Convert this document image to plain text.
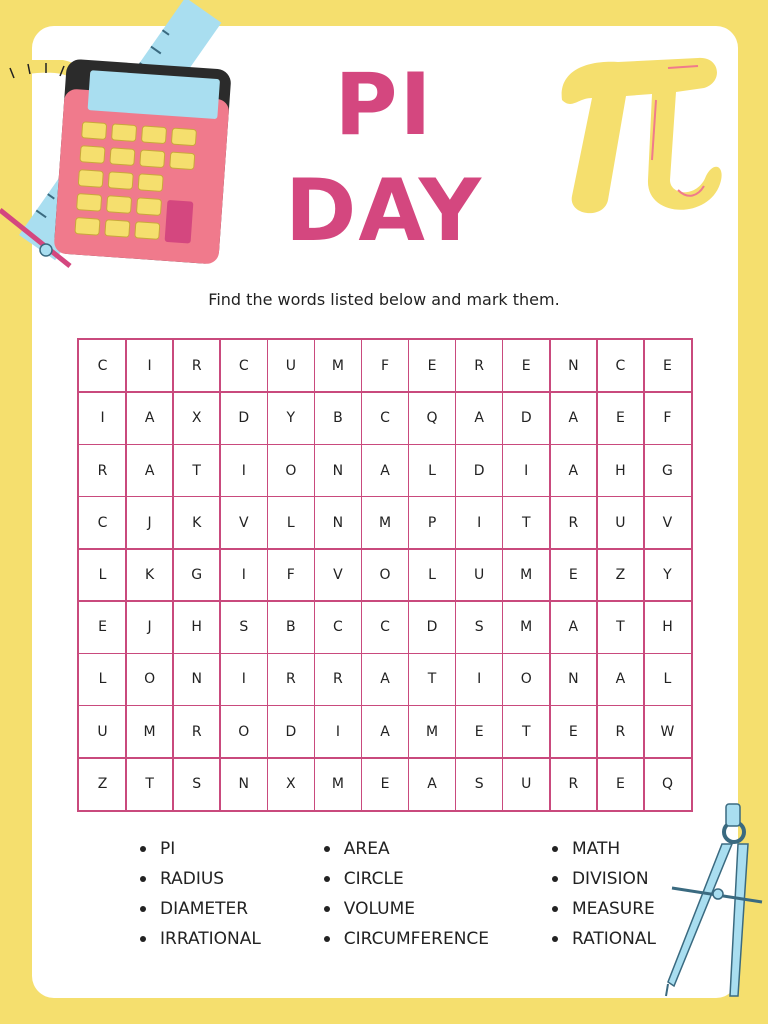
PI
DAY
Find the words listed below and mark them.
C	I	R	C	U	M	F	E	R	E	N	C	E
I	A	X	D	Y	B	C	Q	A	D	A	E	F
R	A	T	I	O	N	A	L	D	I	A	H	G
C	J	K	V	L	N	M	P	I	T	R	U	V
L	K	G	I	F	V	O	L	U	M	E	Z	Y
E	J	H	S	B	C	C	D	S	M	A	T	H
L	O	N	I	R	R	A	T	I	O	N	A	L
U	M	R	O	D	I	A	M	E	T	E	R	W
Z	T	S	N	X	M	E	A	S	U	R	E	Q
PI
RADIUS
DIAMETER
IRRATIONAL
AREA
CIRCLE
VOLUME
CIRCUMFERENCE
MATH
DIVISION
MEASURE
RATIONAL
